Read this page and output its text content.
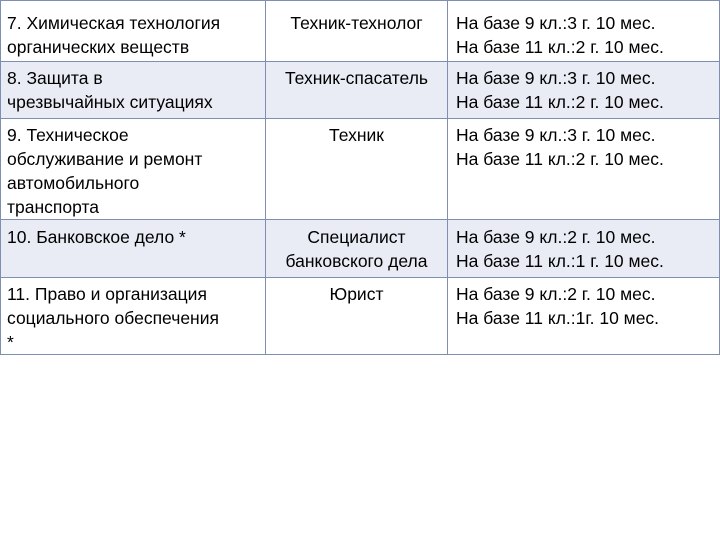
7. Химическая технология
органических веществ	Техник-технолог	На базе 9 кл.:3 г. 10 мес.
На базе 11 кл.:2 г. 10 мес.
8. Защита в
чрезвычайных ситуациях	Техник-спасатель	На базе 9 кл.:3 г. 10 мес.
На базе 11 кл.:2 г. 10 мес.
9. Техническое
обслуживание и ремонт
автомобильного
транспорта	Техник	На базе 9 кл.:3 г. 10 мес.
На базе 11 кл.:2 г. 10 мес.
10. Банковское дело *	Специалист
банковского дела	На базе 9 кл.:2 г. 10 мес.
На базе 11 кл.:1 г. 10 мес.
11. Право и организация
социального обеспечения
*	Юрист	На базе 9 кл.:2 г. 10 мес.
На базе 11 кл.:1г. 10 мес.
